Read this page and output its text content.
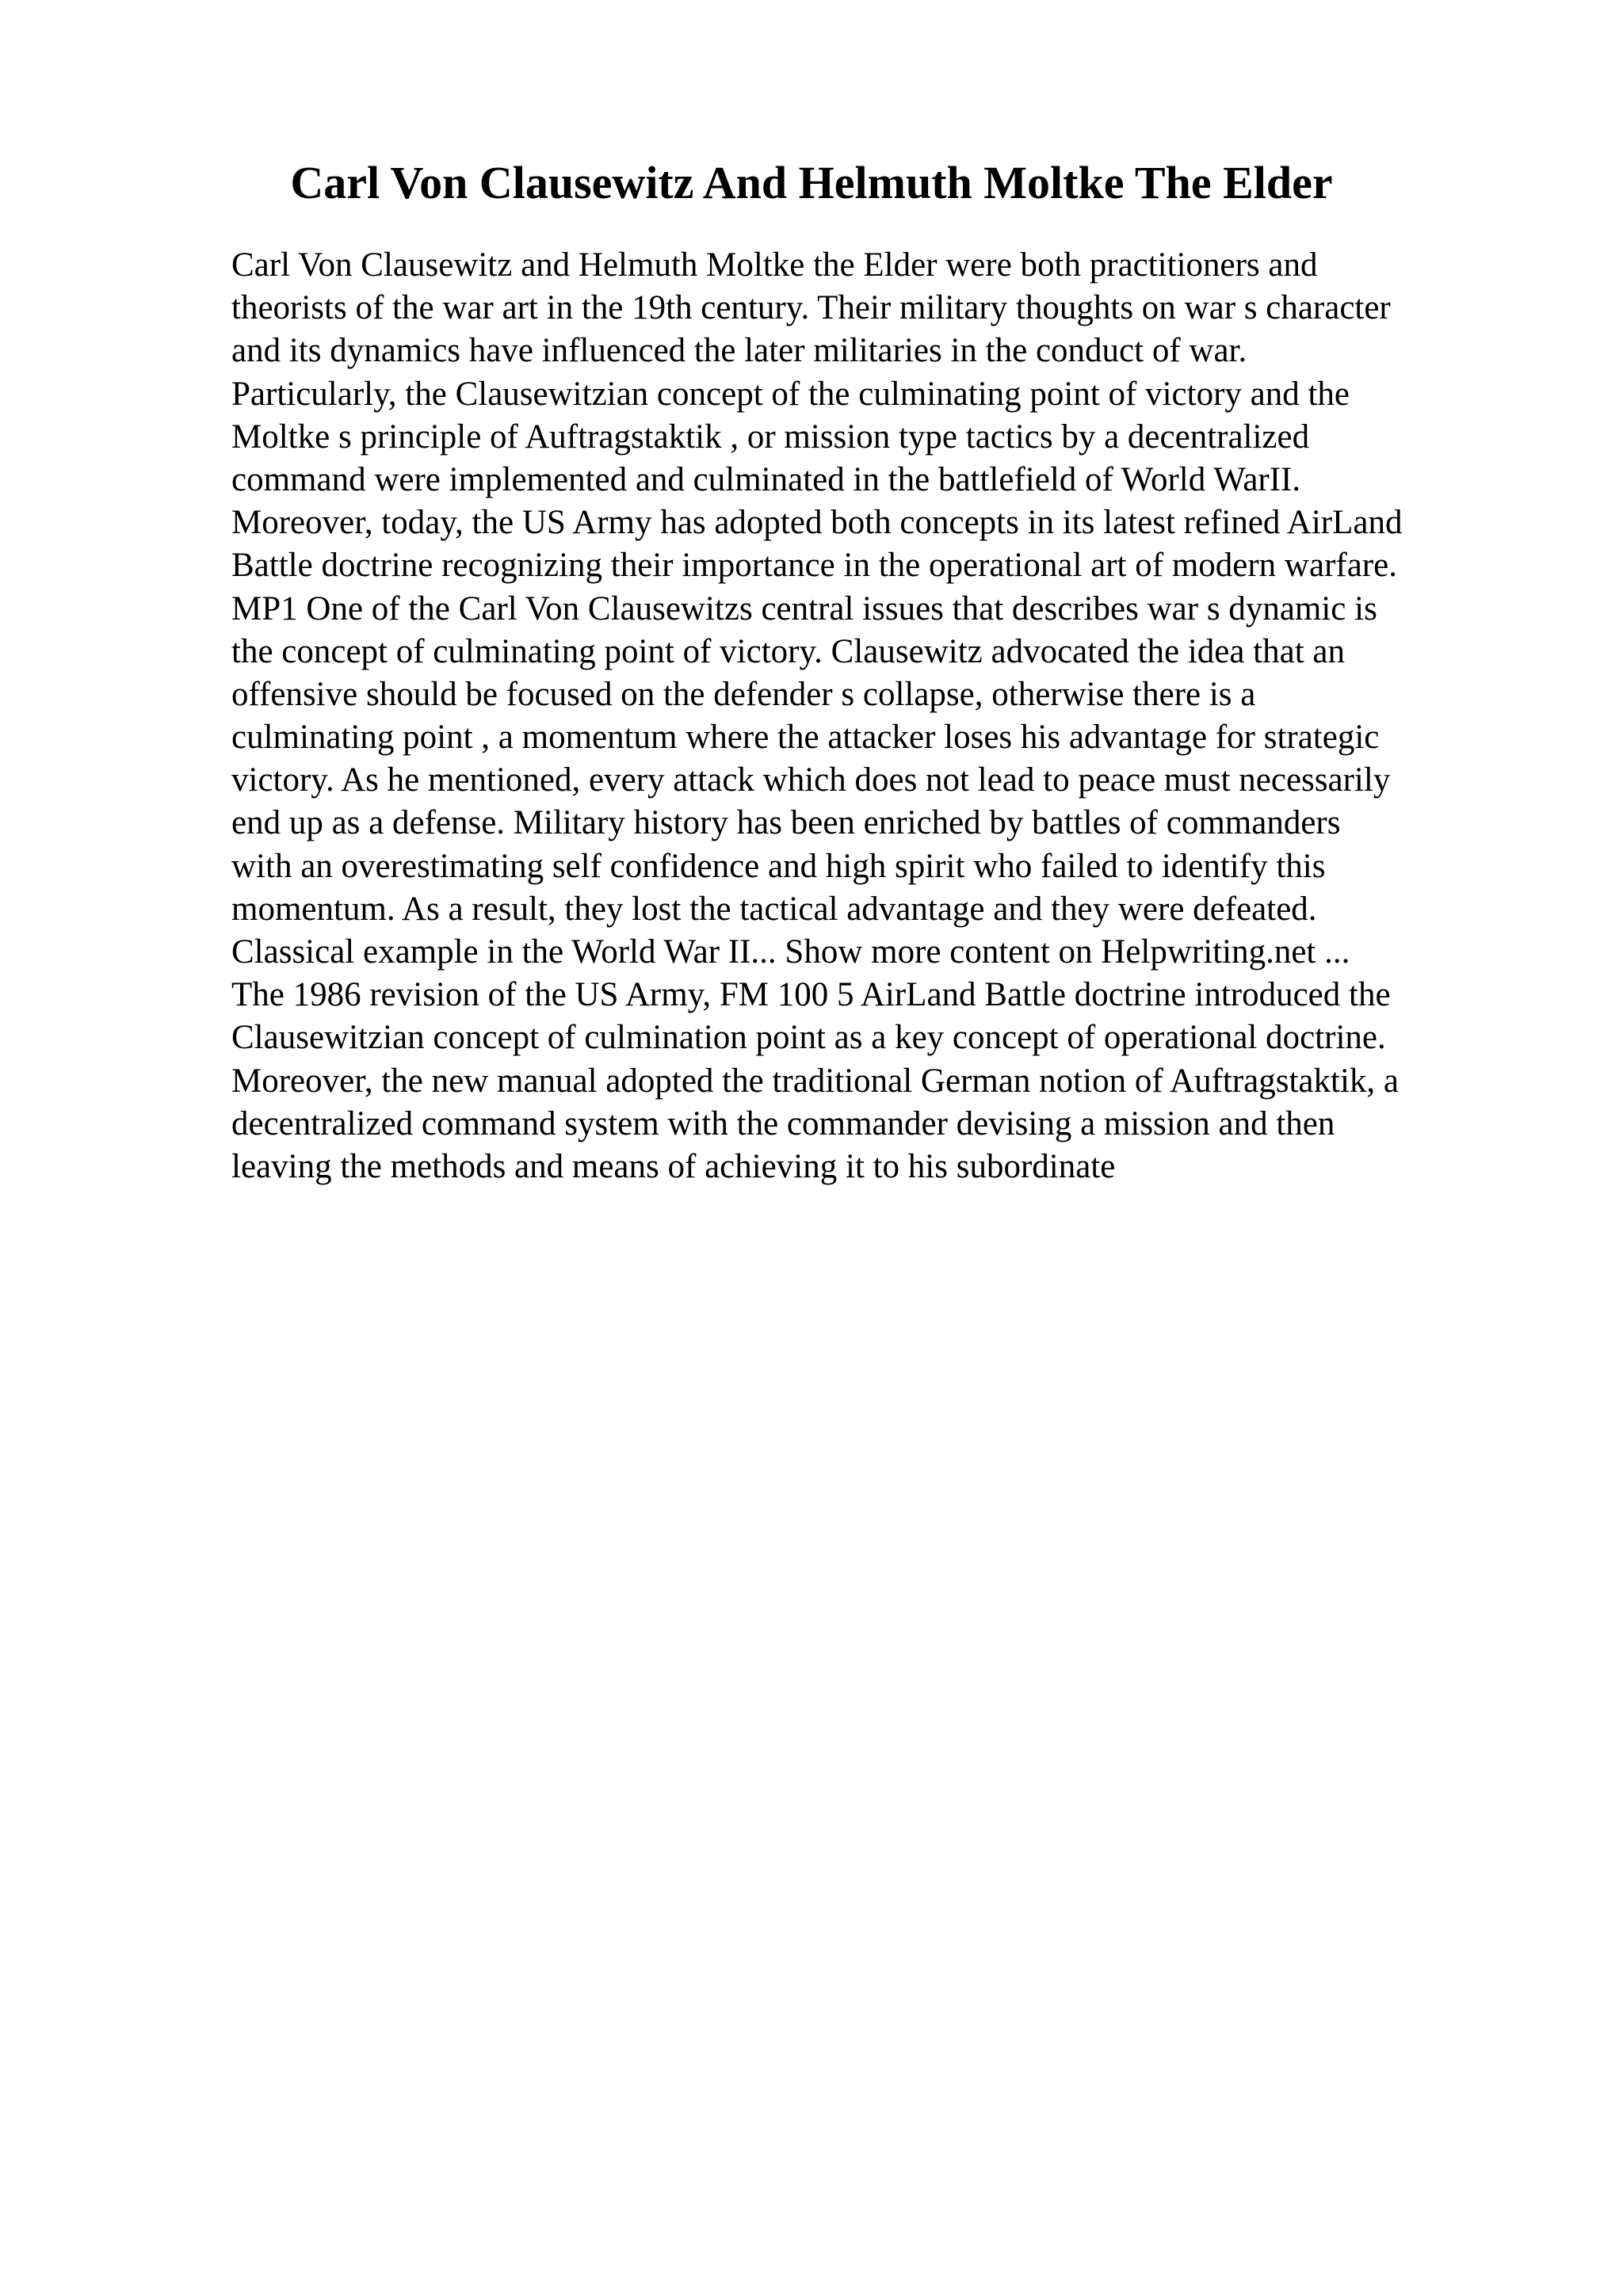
Carl Von Clausewitz And Helmuth Moltke The Elder
Carl Von Clausewitz and Helmuth Moltke the Elder were both practitioners and
theorists of the war art in the 19th century. Their military thoughts on war s character
and its dynamics have influenced the later militaries in the conduct of war.
Particularly, the Clausewitzian concept of the culminating point of victory and the
Moltke s principle of Auftragstaktik , or mission type tactics by a decentralized
command were implemented and culminated in the battlefield of World WarII.
Moreover, today, the US Army has adopted both concepts in its latest refined AirLand
Battle doctrine recognizing their importance in the operational art of modern warfare.
MP1 One of the Carl Von Clausewitzs central issues that describes war s dynamic is
the concept of culminating point of victory. Clausewitz advocated the idea that an
offensive should be focused on the defender s collapse, otherwise there is a
culminating point , a momentum where the attacker loses his advantage for strategic
victory. As he mentioned, every attack which does not lead to peace must necessarily
end up as a defense. Military history has been enriched by battles of commanders
with an overestimating self confidence and high spirit who failed to identify this
momentum. As a result, they lost the tactical advantage and they were defeated.
Classical example in the World War II... Show more content on Helpwriting.net ...
The 1986 revision of the US Army, FM 100 5 AirLand Battle doctrine introduced the
Clausewitzian concept of culmination point as a key concept of operational doctrine.
Moreover, the new manual adopted the traditional German notion of Auftragstaktik, a
decentralized command system with the commander devising a mission and then
leaving the methods and means of achieving it to his subordinate
